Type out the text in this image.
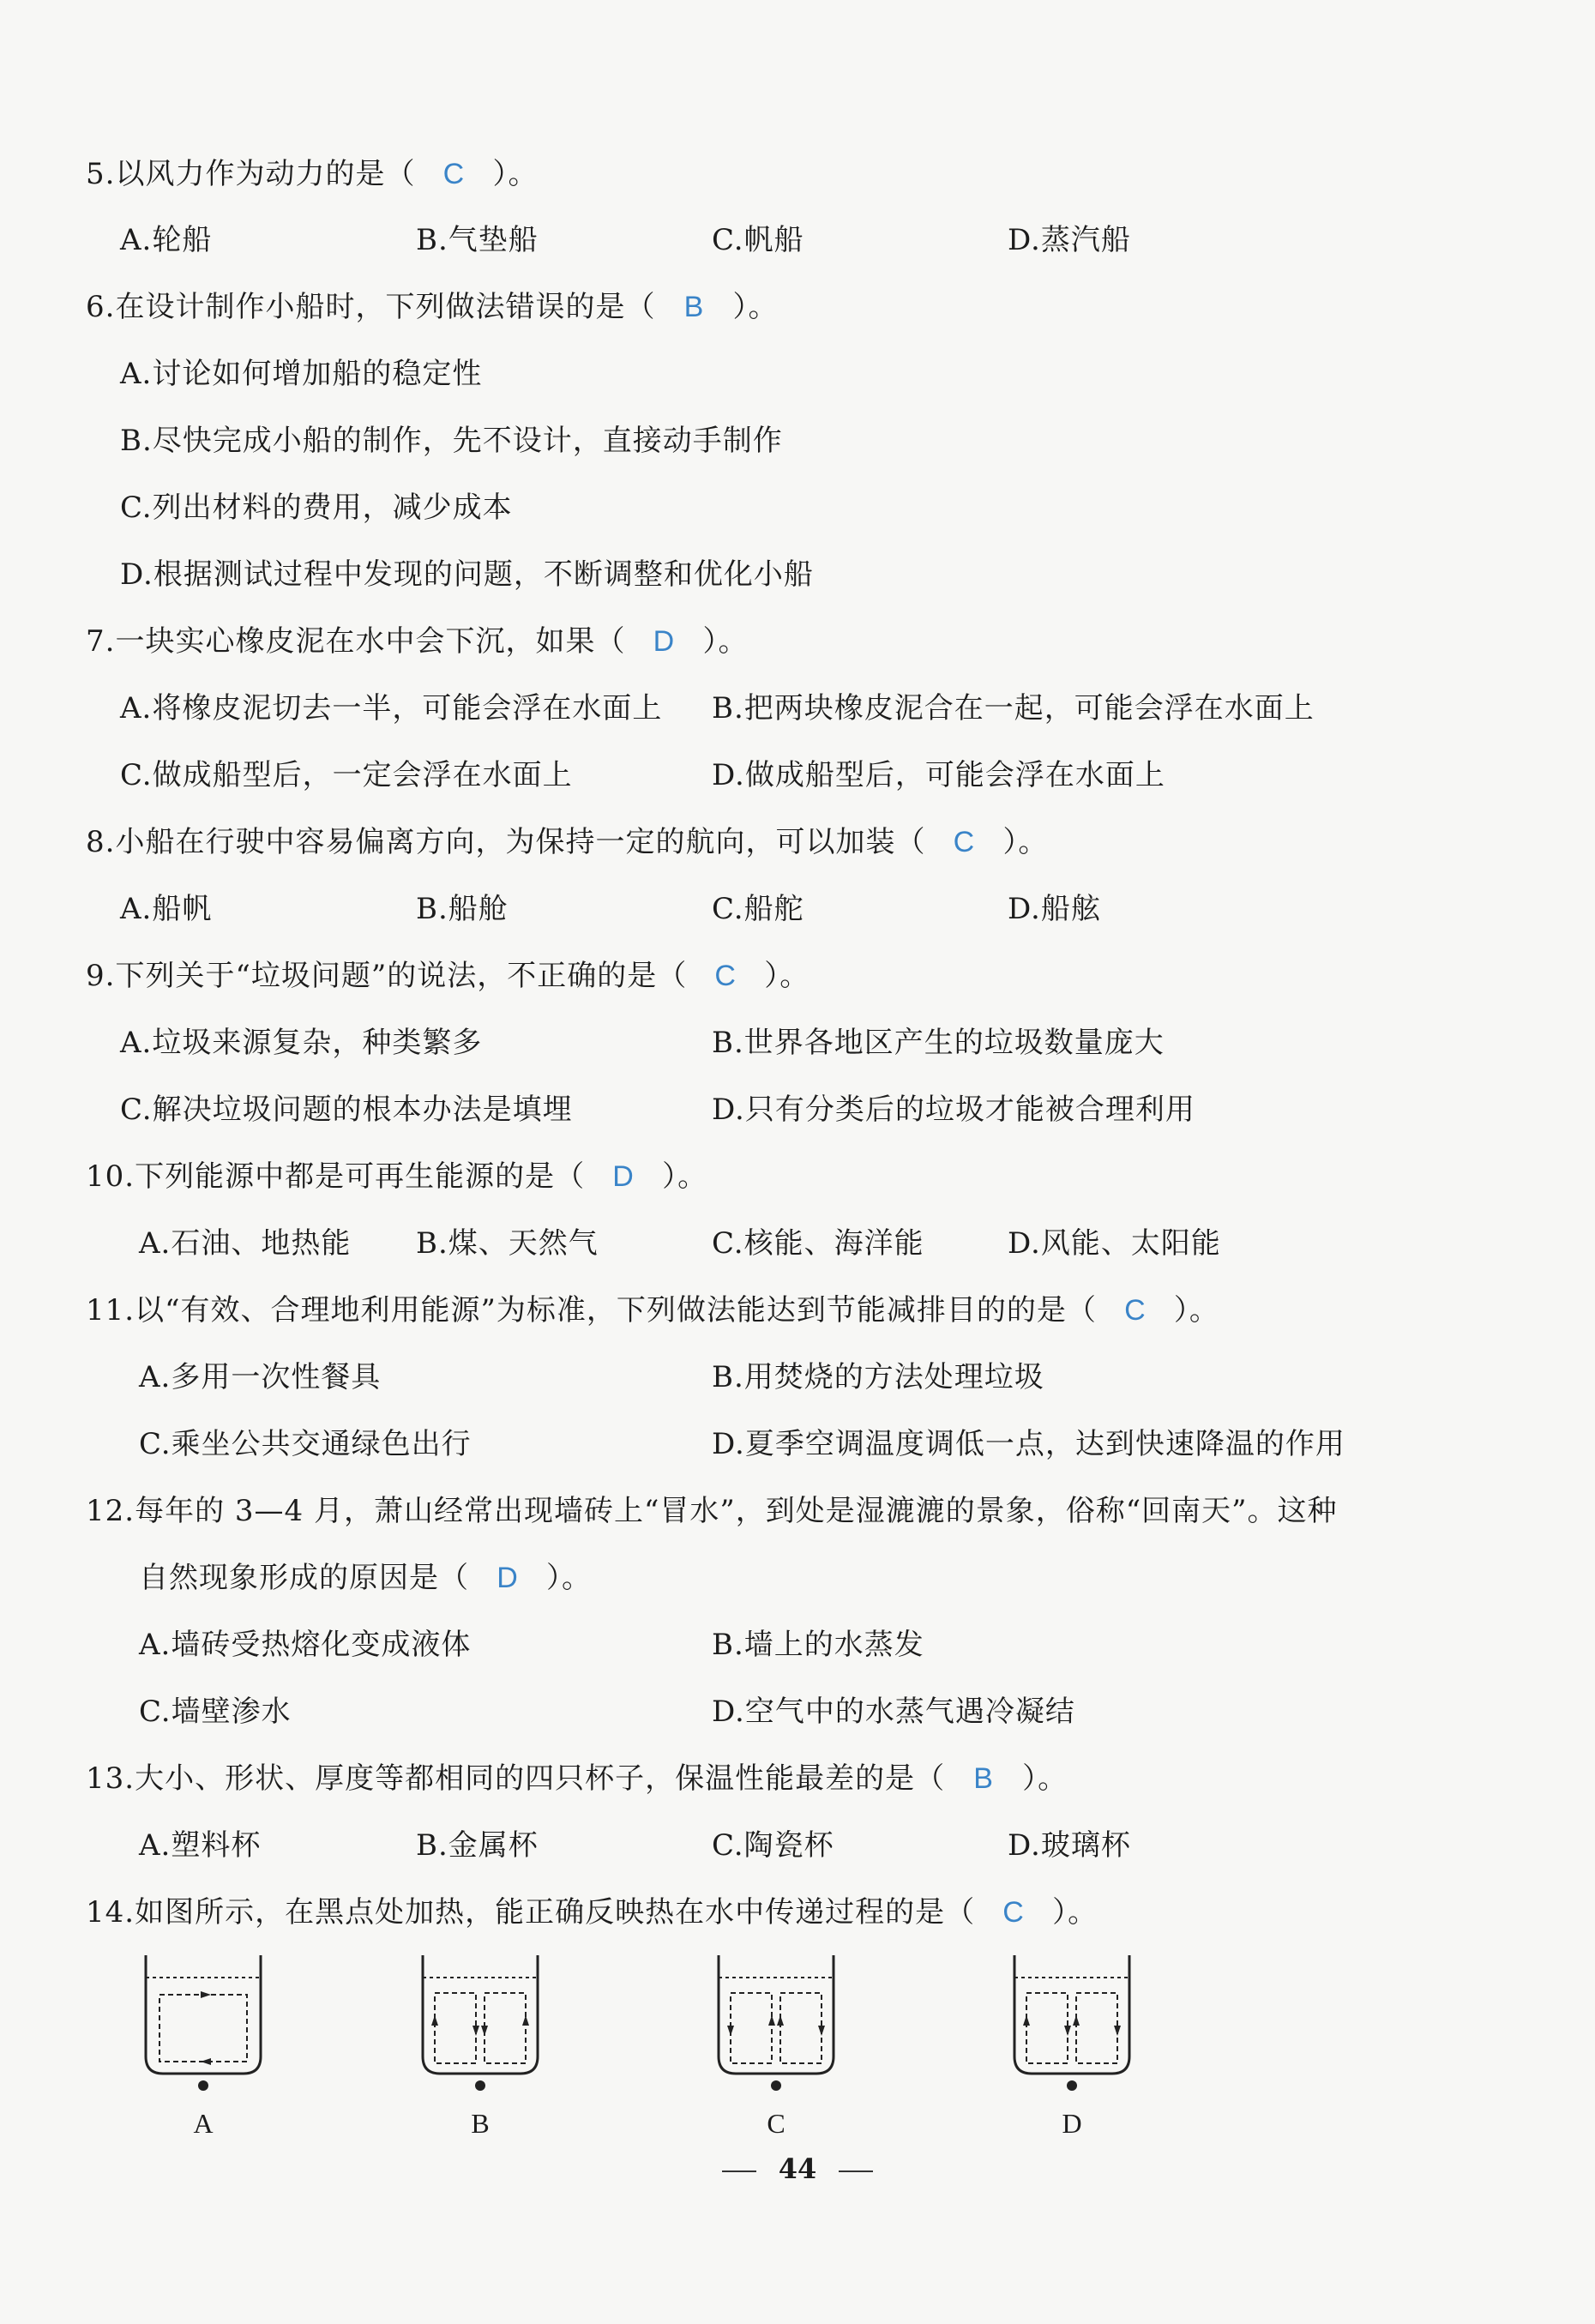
5.以风力作为动力的是（ C ）。
A.轮船	B.气垫船	C.帆船	D.蒸汽船
6.在设计制作小船时，下列做法错误的是（ B ）。
A.讨论如何增加船的稳定性
B.尽快完成小船的制作，先不设计，直接动手制作
C.列出材料的费用，减少成本
D.根据测试过程中发现的问题，不断调整和优化小船
7.一块实心橡皮泥在水中会下沉，如果（ D ）。
A.将橡皮泥切去一半，可能会浮在水面上 B.把两块橡皮泥合在一起，可能会浮在水面上
C.做成船型后，一定会浮在水面上	D.做成船型后，可能会浮在水面上
8.小船在行驶中容易偏离方向，为保持一定的航向，可以加装（ C ）。
A.船帆	B.船舱	C.船舵	D.船舷
9.下列关于“垃圾问题”的说法，不正确的是（ C ）。
A.垃圾来源复杂，种类繁多	B.世界各地区产生的垃圾数量庞大
C.解决垃圾问题的根本办法是填埋	D.只有分类后的垃圾才能被合理利用
10.下列能源中都是可再生能源的是（ D ）。
A.石油、地热能 B.煤、天然气	C.核能、海洋能	D.风能、太阳能
11.以“有效、合理地利用能源”为标准，下列做法能达到节能减排目的的是（ C ）。
A.多用一次性餐具	B.用焚烧的方法处理垃圾
C.乘坐公共交通绿色出行	D.夏季空调温度调低一点，达到快速降温的作用
12.每年的 3—4 月，萧山经常出现墙砖上“冒水”，到处是湿漉漉的景象，俗称“回南天”。这种
自然现象形成的原因是（ D ）。
A.墙砖受热熔化变成液体	B.墙上的水蒸发
C.墙壁渗水	D.空气中的水蒸气遇冷凝结
13.大小、形状、厚度等都相同的四只杯子，保温性能最差的是（ B ）。
A.塑料杯	B.金属杯	C.陶瓷杯	D.玻璃杯
14.如图所示，在黑点处加热，能正确反映热在水中传递过程的是（ C ）。
A	B	C	D
44
